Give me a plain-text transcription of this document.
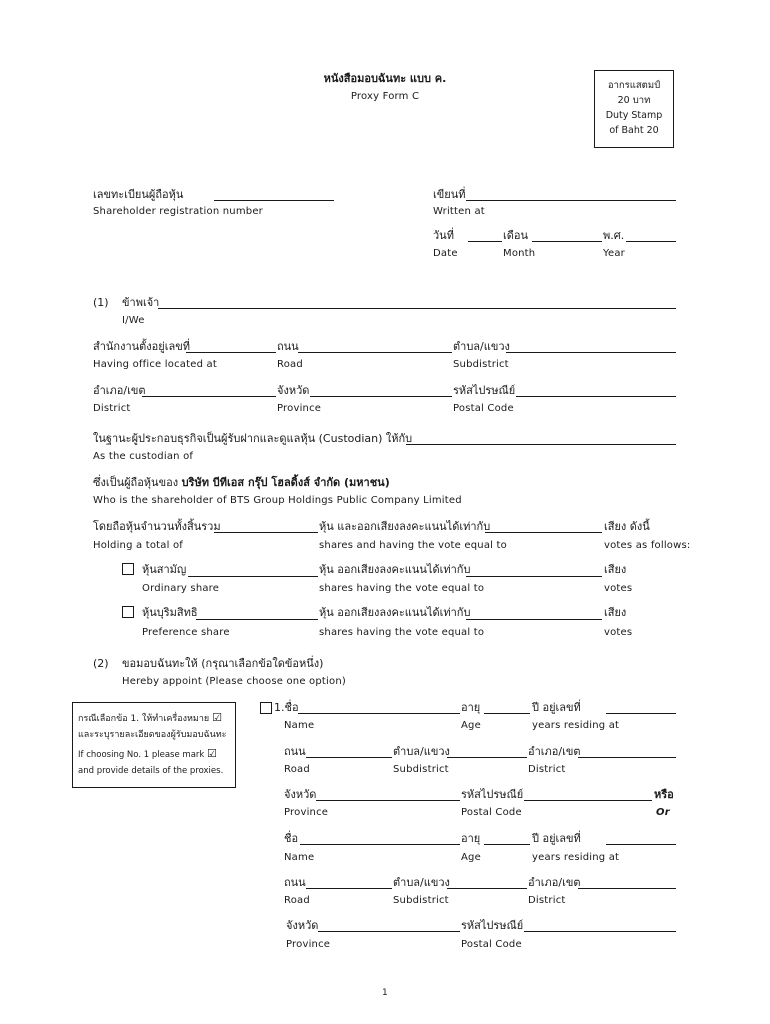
หนังสือมอบฉันทะ แบบ ค.
Proxy Form C
อากรแสตมป์
20 บาท
Duty Stamp
of Baht 20
เลขทะเบียนผู้ถือหุ้น
Shareholder registration number
เขียนที่
Written at
วันที่	เดือน	พ.ศ.
Date	Month	Year
(1) ข้าพเจ้า
I/We
สำนักงานตั้งอยู่เลขที่	ถนน	ตำบล/แขวง
Having office located at	Road	Subdistrict
อำเภอ/เขต	จังหวัด	รหัสไปรษณีย์
District	Province	Postal Code
ในฐานะผู้ประกอบธุรกิจเป็นผู้รับฝากและดูแลหุ้น (Custodian) ให้กับ
As the custodian of
ซึ่งเป็นผู้ถือหุ้นของ บริษัท บีทีเอส กรุ๊ป โฮลดิ้งส์ จำกัด (มหาชน)
Who is the shareholder of BTS Group Holdings Public Company Limited
โดยถือหุ้นจำนวนทั้งสิ้นรวม	หุ้น และออกเสียงลงคะแนนได้เท่ากับ	เสียง ดังนี้
Holding a total of	shares and having the vote equal to	votes as follows:
หุ้นสามัญ	หุ้น ออกเสียงลงคะแนนได้เท่ากับ	เสียง
Ordinary share	shares having the vote equal to	votes
หุ้นบุริมสิทธิ	หุ้น ออกเสียงลงคะแนนได้เท่ากับ	เสียง
Preference share	shares having the vote equal to	votes
(2) ขอมอบฉันทะให้ (กรุณาเลือกข้อใดข้อหนึ่ง)
Hereby appoint (Please choose one option)
กรณีเลือกข้อ 1. ให้ทำเครื่องหมาย ☑
และระบุรายละเอียดของผู้รับมอบฉันทะ
If choosing No. 1 please mark ☑
and provide details of the proxies.
1.ชื่อ	อายุ	ปี อยู่เลขที่
Name	Age	years residing at
ถนน	ตำบล/แขวง	อำเภอ/เขต
Road	Subdistrict	District
จังหวัด	รหัสไปรษณีย์	หรือ
Province	Postal Code	Or
ชื่อ	อายุ	ปี อยู่เลขที่
Name	Age	years residing at
ถนน	ตำบล/แขวง	อำเภอ/เขต
Road	Subdistrict	District
จังหวัด	รหัสไปรษณีย์
Province	Postal Code
1
